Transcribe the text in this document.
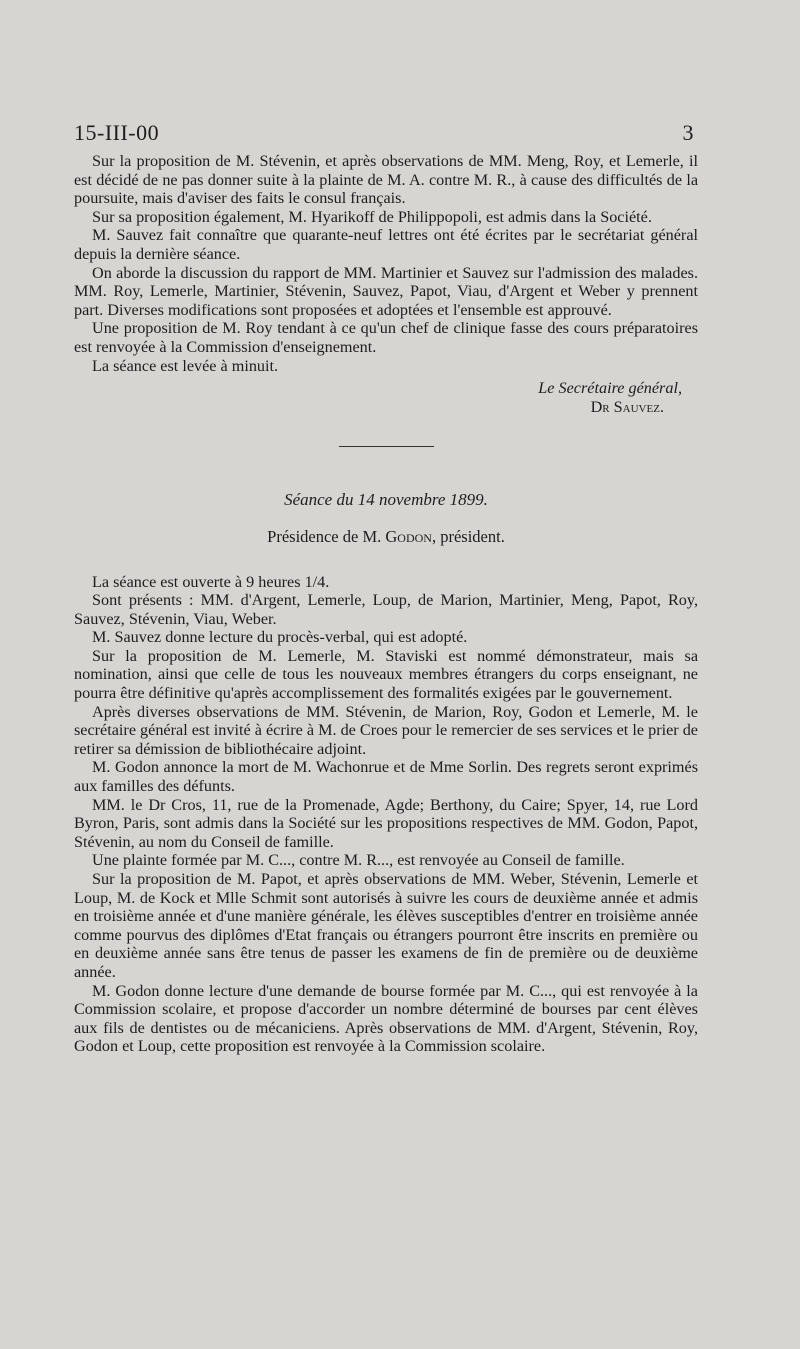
15-III-00	3

Sur la proposition de M. Stévenin, et après observations de MM. Meng, Roy, et Lemerle, il est décidé de ne pas donner suite à la plainte de M. A. contre M. R., à cause des difficultés de la poursuite, mais d'aviser des faits le consul français.

Sur sa proposition également, M. Hyarikoff de Philippopoli, est admis dans la Société.

M. Sauvez fait connaître que quarante-neuf lettres ont été écrites par le secrétariat général depuis la dernière séance.

On aborde la discussion du rapport de MM. Martinier et Sauvez sur l'admission des malades. MM. Roy, Lemerle, Martinier, Stévenin, Sauvez, Papot, Viau, d'Argent et Weber y prennent part. Diverses modifications sont proposées et adoptées et l'ensemble est approuvé.

Une proposition de M. Roy tendant à ce qu'un chef de clinique fasse des cours préparatoires est renvoyée à la Commission d'enseignement.

La séance est levée à minuit.

Le Secrétaire général,
Dr Sauvez.

Séance du 14 novembre 1899.

Présidence de M. Godon, président.

La séance est ouverte à 9 heures 1/4.

Sont présents : MM. d'Argent, Lemerle, Loup, de Marion, Martinier, Meng, Papot, Roy, Sauvez, Stévenin, Viau, Weber.

M. Sauvez donne lecture du procès-verbal, qui est adopté.

Sur la proposition de M. Lemerle, M. Staviski est nommé démonstrateur, mais sa nomination, ainsi que celle de tous les nouveaux membres étrangers du corps enseignant, ne pourra être définitive qu'après accomplissement des formalités exigées par le gouvernement.

Après diverses observations de MM. Stévenin, de Marion, Roy, Godon et Lemerle, M. le secrétaire général est invité à écrire à M. de Croes pour le remercier de ses services et le prier de retirer sa démission de bibliothécaire adjoint.

M. Godon annonce la mort de M. Wachonrue et de Mme Sorlin. Des regrets seront exprimés aux familles des défunts.

MM. le Dr Cros, 11, rue de la Promenade, Agde; Berthony, du Caire; Spyer, 14, rue Lord Byron, Paris, sont admis dans la Société sur les propositions respectives de MM. Godon, Papot, Stévenin, au nom du Conseil de famille.

Une plainte formée par M. C..., contre M. R..., est renvoyée au Conseil de famille.

Sur la proposition de M. Papot, et après observations de MM. Weber, Stévenin, Lemerle et Loup, M. de Kock et Mlle Schmit sont autorisés à suivre les cours de deuxième année et admis en troisième année et d'une manière générale, les élèves susceptibles d'entrer en troisième année comme pourvus des diplômes d'Etat français ou étrangers pourront être inscrits en première ou en deuxième année sans être tenus de passer les examens de fin de première ou de deuxième année.

M. Godon donne lecture d'une demande de bourse formée par M. C..., qui est renvoyée à la Commission scolaire, et propose d'accorder un nombre déterminé de bourses par cent élèves aux fils de dentistes ou de mécaniciens. Après observations de MM. d'Argent, Stévenin, Roy, Godon et Loup, cette proposition est renvoyée à la Commission scolaire.
